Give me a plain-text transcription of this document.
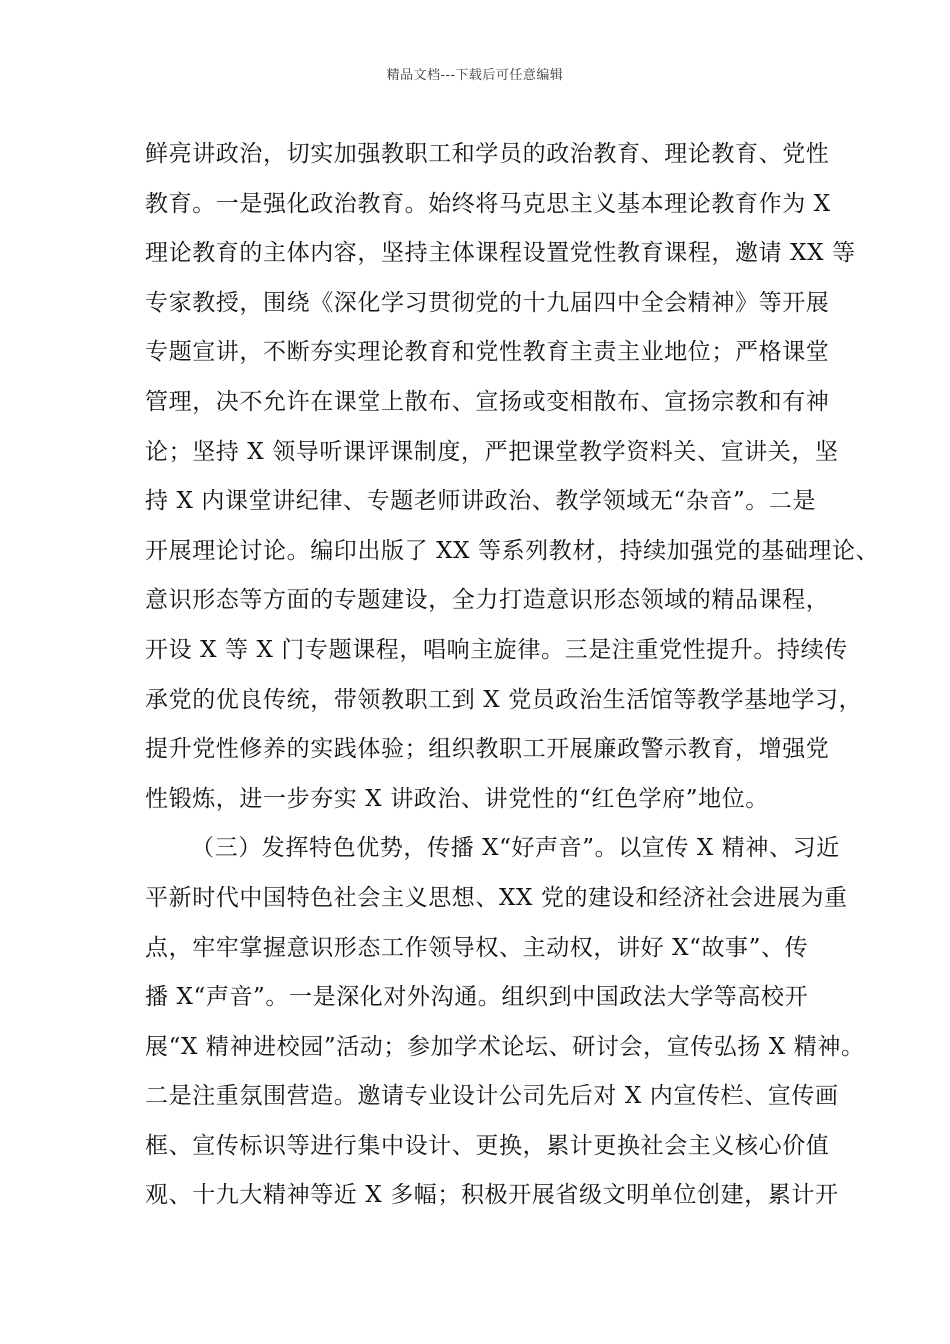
精品文档---下载后可任意编辑
鲜亮讲政治，切实加强教职工和学员的政治教育、理论教育、党性
教育。一是强化政治教育。始终将马克思主义基本理论教育作为 X
理论教育的主体内容，坚持主体课程设置党性教育课程，邀请 XX 等
专家教授，围绕《深化学习贯彻党的十九届四中全会精神》等开展
专题宣讲，不断夯实理论教育和党性教育主责主业地位；严格课堂
管理，决不允许在课堂上散布、宣扬或变相散布、宣扬宗教和有神
论；坚持 X 领导听课评课制度，严把课堂教学资料关、宣讲关，坚
持 X 内课堂讲纪律、专题老师讲政治、教学领域无“杂音”。二是
开展理论讨论。编印出版了 XX 等系列教材，持续加强党的基础理论、
意识形态等方面的专题建设，全力打造意识形态领域的精品课程，
开设 X 等 X 门专题课程，唱响主旋律。三是注重党性提升。持续传
承党的优良传统，带领教职工到 X 党员政治生活馆等教学基地学习，
提升党性修养的实践体验；组织教职工开展廉政警示教育，增强党
性锻炼，进一步夯实 X 讲政治、讲党性的“红色学府”地位。
（三）发挥特色优势，传播 X“好声音”。以宣传 X 精神、习近
平新时代中国特色社会主义思想、XX 党的建设和经济社会进展为重
点，牢牢掌握意识形态工作领导权、主动权，讲好 X“故事”、传
播 X“声音”。一是深化对外沟通。组织到中国政法大学等高校开
展“X 精神进校园”活动；参加学术论坛、研讨会，宣传弘扬 X 精神。
二是注重氛围营造。邀请专业设计公司先后对 X 内宣传栏、宣传画
框、宣传标识等进行集中设计、更换，累计更换社会主义核心价值
观、十九大精神等近 X 多幅；积极开展省级文明单位创建，累计开
